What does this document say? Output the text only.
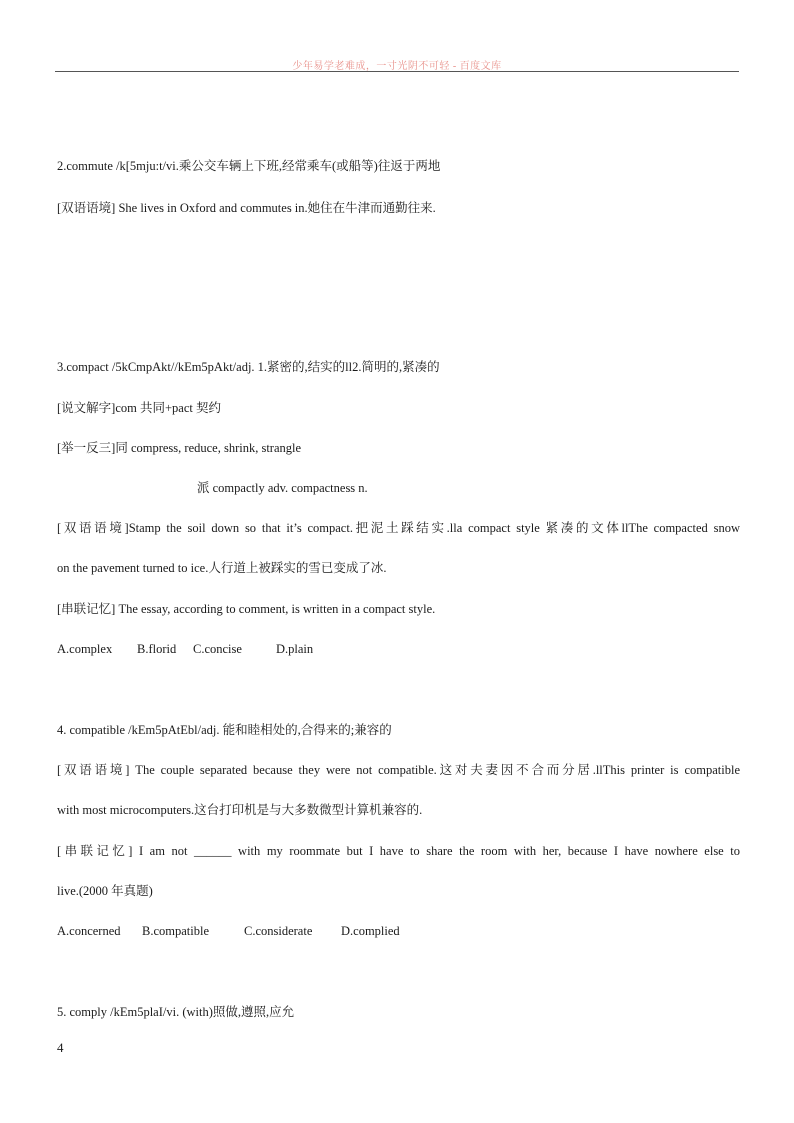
少年易学老难成，一寸光阴不可轻 - 百度文库
2.commute /k[5mju:t/vi.乘公交车辆上下班,经常乘车(或船等)往返于两地
[双语语境] She lives in Oxford and commutes in.她住在牛津而通勤往来.
3.compact /5kCmpAkt//kEm5pAkt/adj. 1.紧密的,结实的ll2.简明的,紧凑的
[说文解字]com 共同+pact 契约
[举一反三]同 compress, reduce, shrink, strangle
派 compactly adv. compactness n.
[双语语境]Stamp the soil down so that it’s compact.把泥土踩结实.lla compact style 紧凑的文体llThe compacted snow
on the pavement turned to ice.人行道上被踩实的雪已变成了冰.
[串联记忆] The essay, according to comment, is written in a compact style.
A.complex B.florid C.concise	D.plain
4. compatible /kEm5pAtEbl/adj. 能和睦相处的,合得来的;兼容的
[双语语境] The couple separated because they were not compatible.这对夫妻因不合而分居.llThis printer is compatible
with most microcomputers.这台打印机是与大多数微型计算机兼容的.
[串联记忆] I am not ______ with my roommate but I have to share the room with her, because I have nowhere else to
live.(2000 年真题)
A.concerned B.compatible	C.considerate D.complied
5. comply /kEm5plaI/vi. (with)照做,遵照,应允
4
